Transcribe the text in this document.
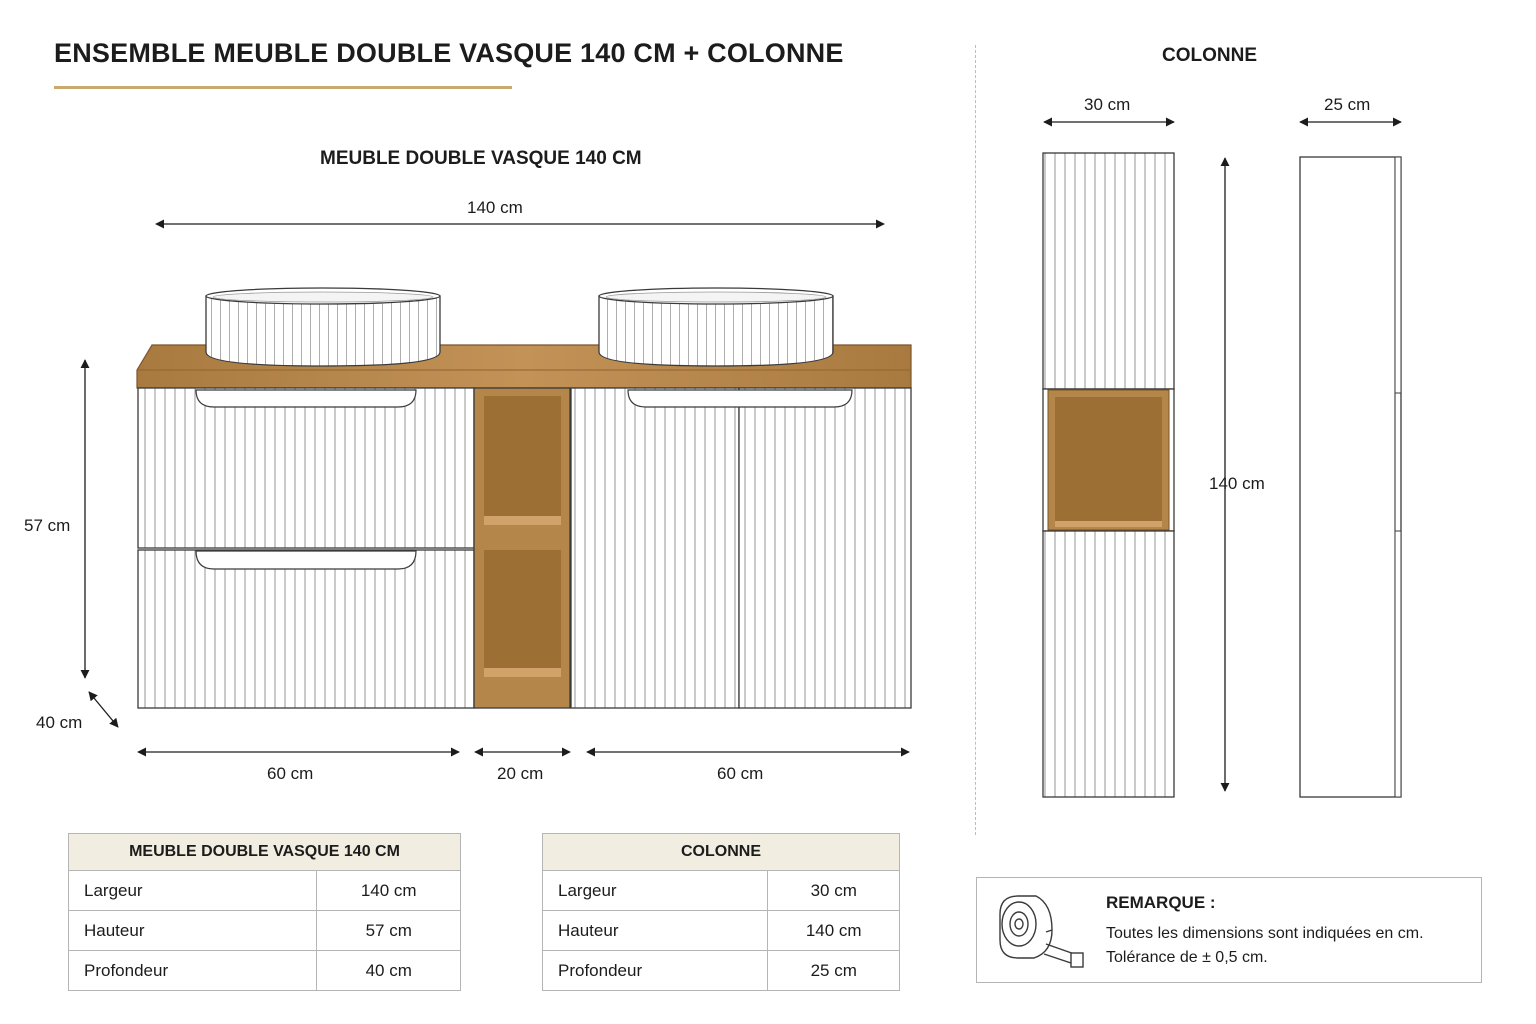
ENSEMBLE MEUBLE DOUBLE VASQUE 140 CM + COLONNE
MEUBLE DOUBLE VASQUE 140 CM
COLONNE
140 cm
57 cm
40 cm
60 cm	20 cm	60 cm
30 cm	25 cm
140 cm
MEUBLE DOUBLE VASQUE 140 CM	
Largeur	140 cm
Hauteur	57 cm
Profondeur	40 cm
COLONNE	
Largeur	30 cm
Hauteur	140 cm
Profondeur	25 cm
REMARQUE :
Toutes les dimensions sont indiquées en cm.
Tolérance de ± 0,5 cm.
